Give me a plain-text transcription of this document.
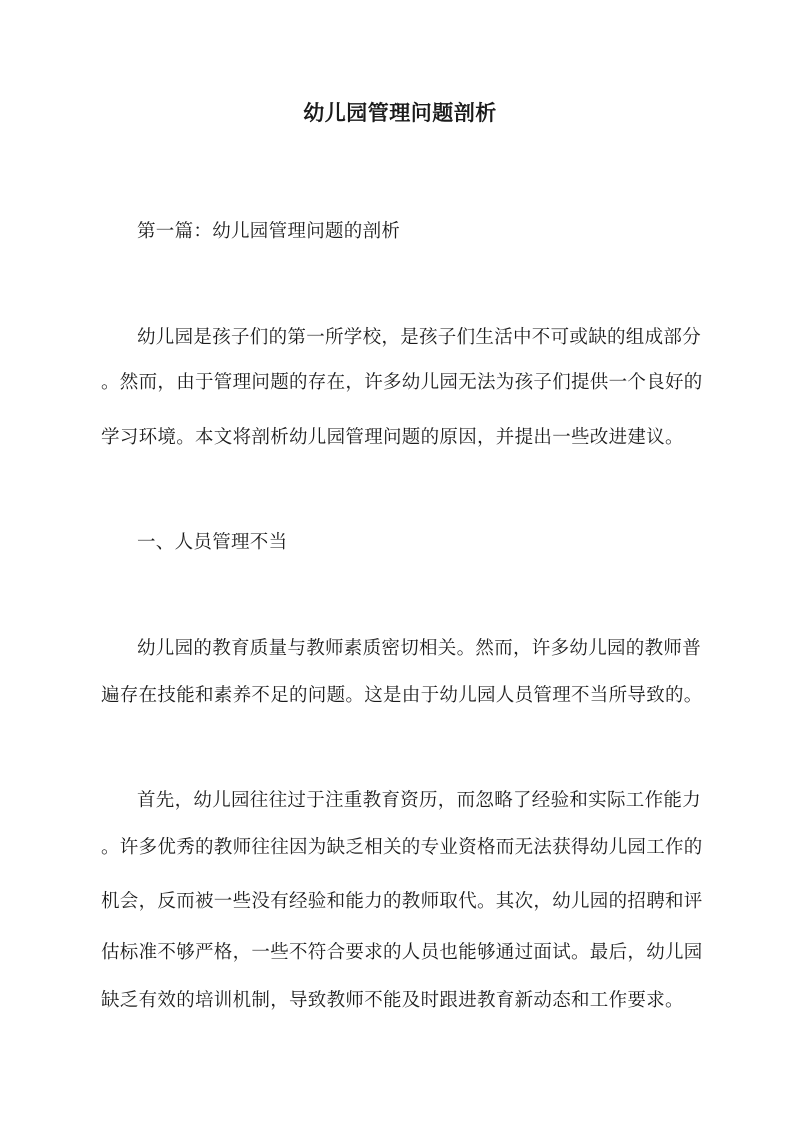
幼儿园管理问题剖析
第一篇：幼儿园管理问题的剖析
幼儿园是孩子们的第一所学校，是孩子们生活中不可或缺的组成部分
。然而，由于管理问题的存在，许多幼儿园无法为孩子们提供一个良好的
学习环境。本文将剖析幼儿园管理问题的原因，并提出一些改进建议。
一、人员管理不当
幼儿园的教育质量与教师素质密切相关。然而，许多幼儿园的教师普
遍存在技能和素养不足的问题。这是由于幼儿园人员管理不当所导致的。
首先，幼儿园往往过于注重教育资历，而忽略了经验和实际工作能力
。许多优秀的教师往往因为缺乏相关的专业资格而无法获得幼儿园工作的
机会，反而被一些没有经验和能力的教师取代。其次，幼儿园的招聘和评
估标准不够严格，一些不符合要求的人员也能够通过面试。最后，幼儿园
缺乏有效的培训机制，导致教师不能及时跟进教育新动态和工作要求。
